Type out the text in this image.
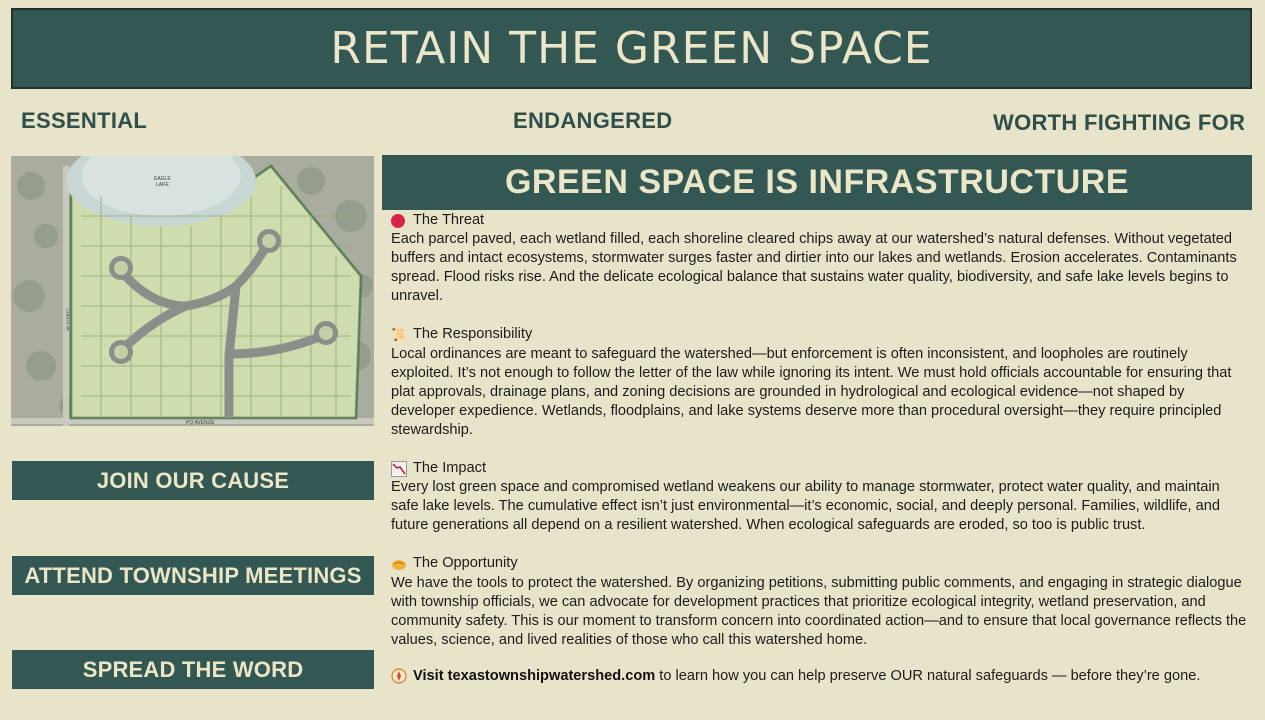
RETAIN THE GREEN SPACE
ESSENTIAL	ENDANGERED	WORTH FIGHTING FOR
EAGLE
LAKE
4th STREET
PQ AVENUE
JOIN OUR CAUSE
ATTEND TOWNSHIP MEETINGS
SPREAD THE WORD
GREEN SPACE IS INFRASTRUCTURE
The Threat
Each parcel paved, each wetland filled, each shoreline cleared chips away at our watershed’s natural defenses. Without vegetated buffers and intact ecosystems, stormwater surges faster and dirtier into our lakes and wetlands. Erosion accelerates. Contaminants spread. Flood risks rise. And the delicate ecological balance that sustains water quality, biodiversity, and safe lake levels begins to unravel.
📜 The Responsibility
Local ordinances are meant to safeguard the watershed—but enforcement is often inconsistent, and loopholes are routinely exploited. It’s not enough to follow the letter of the law while ignoring its intent. We must hold officials accountable for ensuring that plat approvals, drainage plans, and zoning decisions are grounded in hydrological and ecological evidence—not shaped by developer expedience. Wetlands, floodplains, and lake systems deserve more than procedural oversight—they require principled stewardship.
The Impact
Every lost green space and compromised wetland weakens our ability to manage stormwater, protect water quality, and maintain safe lake levels. The cumulative effect isn’t just environmental—it’s economic, social, and deeply personal. Families, wildlife, and future generations all depend on a resilient watershed. When ecological safeguards are eroded, so too is public trust.
The Opportunity
We have the tools to protect the watershed. By organizing petitions, submitting public comments, and engaging in strategic dialogue with township officials, we can advocate for development practices that prioritize ecological integrity, wetland preservation, and community safety. This is our moment to transform concern into coordinated action—and to ensure that local governance reflects the values, science, and lived realities of those who call this watershed home.
Visit texastownshipwatershed.com to learn how you can help preserve OUR natural safeguards — before they’re gone.
